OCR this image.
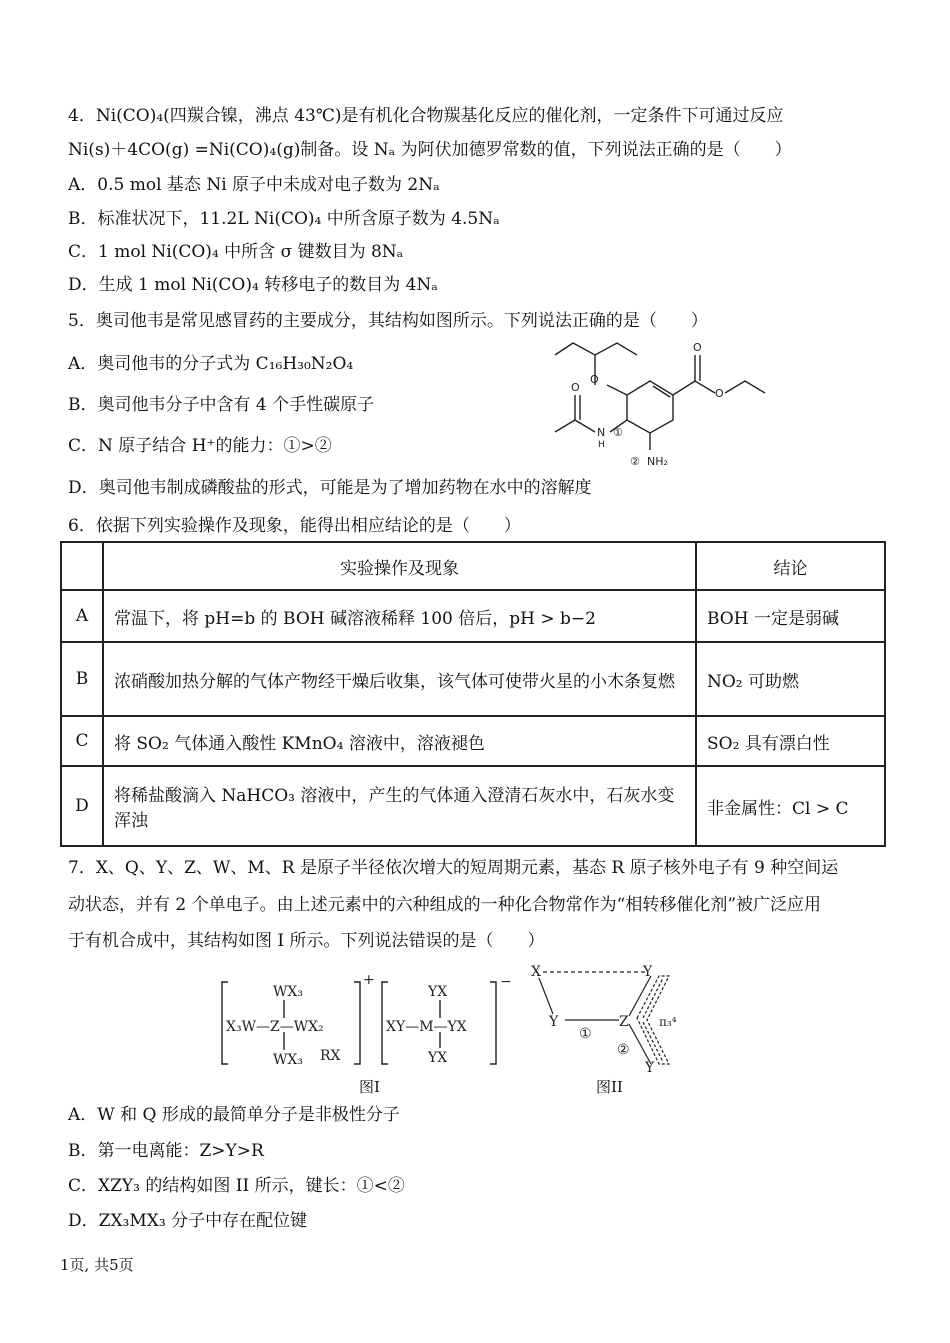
4．Ni(CO)₄(四羰合镍，沸点 43℃)是有机化合物羰基化反应的催化剂，一定条件下可通过反应
Ni(s)＋4CO(g) =Ni(CO)₄(g)制备。设 Nₐ 为阿伏加德罗常数的值，下列说法正确的是（　　）
A．0.5 mol 基态 Ni 原子中未成对电子数为 2Nₐ
B．标准状况下，11.2L Ni(CO)₄ 中所含原子数为 4.5Nₐ
C．1 mol Ni(CO)₄ 中所含 σ 键数目为 8Nₐ
D．生成 1 mol Ni(CO)₄ 转移电子的数目为 4Nₐ
5．奥司他韦是常见感冒药的主要成分，其结构如图所示。下列说法正确的是（　　）
A．奥司他韦的分子式为 C₁₆H₃₀N₂O₄
B．奥司他韦分子中含有 4 个手性碳原子
C．N 原子结合 H⁺的能力：①>②
D．奥司他韦制成磷酸盐的形式，可能是为了增加药物在水中的溶解度
O
O
O
O
N
H
①
② NH₂
6．依据下列实验操作及现象，能得出相应结论的是（　　）
	实验操作及现象	结论
A	常温下，将 pH=b 的 BOH 碱溶液稀释 100 倍后，pH > b−2	BOH 一定是弱碱
B	浓硝酸加热分解的气体产物经干燥后收集，该气体可使带火星的小木条复燃	NO₂ 可助燃
C	将 SO₂ 气体通入酸性 KMnO₄ 溶液中，溶液褪色	SO₂ 具有漂白性
D	将稀盐酸滴入 NaHCO₃ 溶液中，产生的气体通入澄清石灰水中，石灰水变浑浊	非金属性：Cl > C
7．X、Q、Y、Z、W、M、R 是原子半径依次增大的短周期元素，基态 R 原子核外电子有 9 种空间运
动状态，并有 2 个单电子。由上述元素中的六种组成的一种化合物常作为“相转移催化剂”被广泛应用
于有机合成中，其结构如图 I 所示。下列说法错误的是（　　）
WX₃
X₃W—Z—WX₂
WX₃ RX
+
YX
XY—M—YX
YX
−
图I
X	Y
Y	Z
Y
①
②
π₃⁴
图II
A．W 和 Q 形成的最简单分子是非极性分子
B．第一电离能：Z>Y>R
C．XZY₃ 的结构如图 II 所示，键长：①<②
D．ZX₃MX₃ 分子中存在配位键
1页, 共5页
